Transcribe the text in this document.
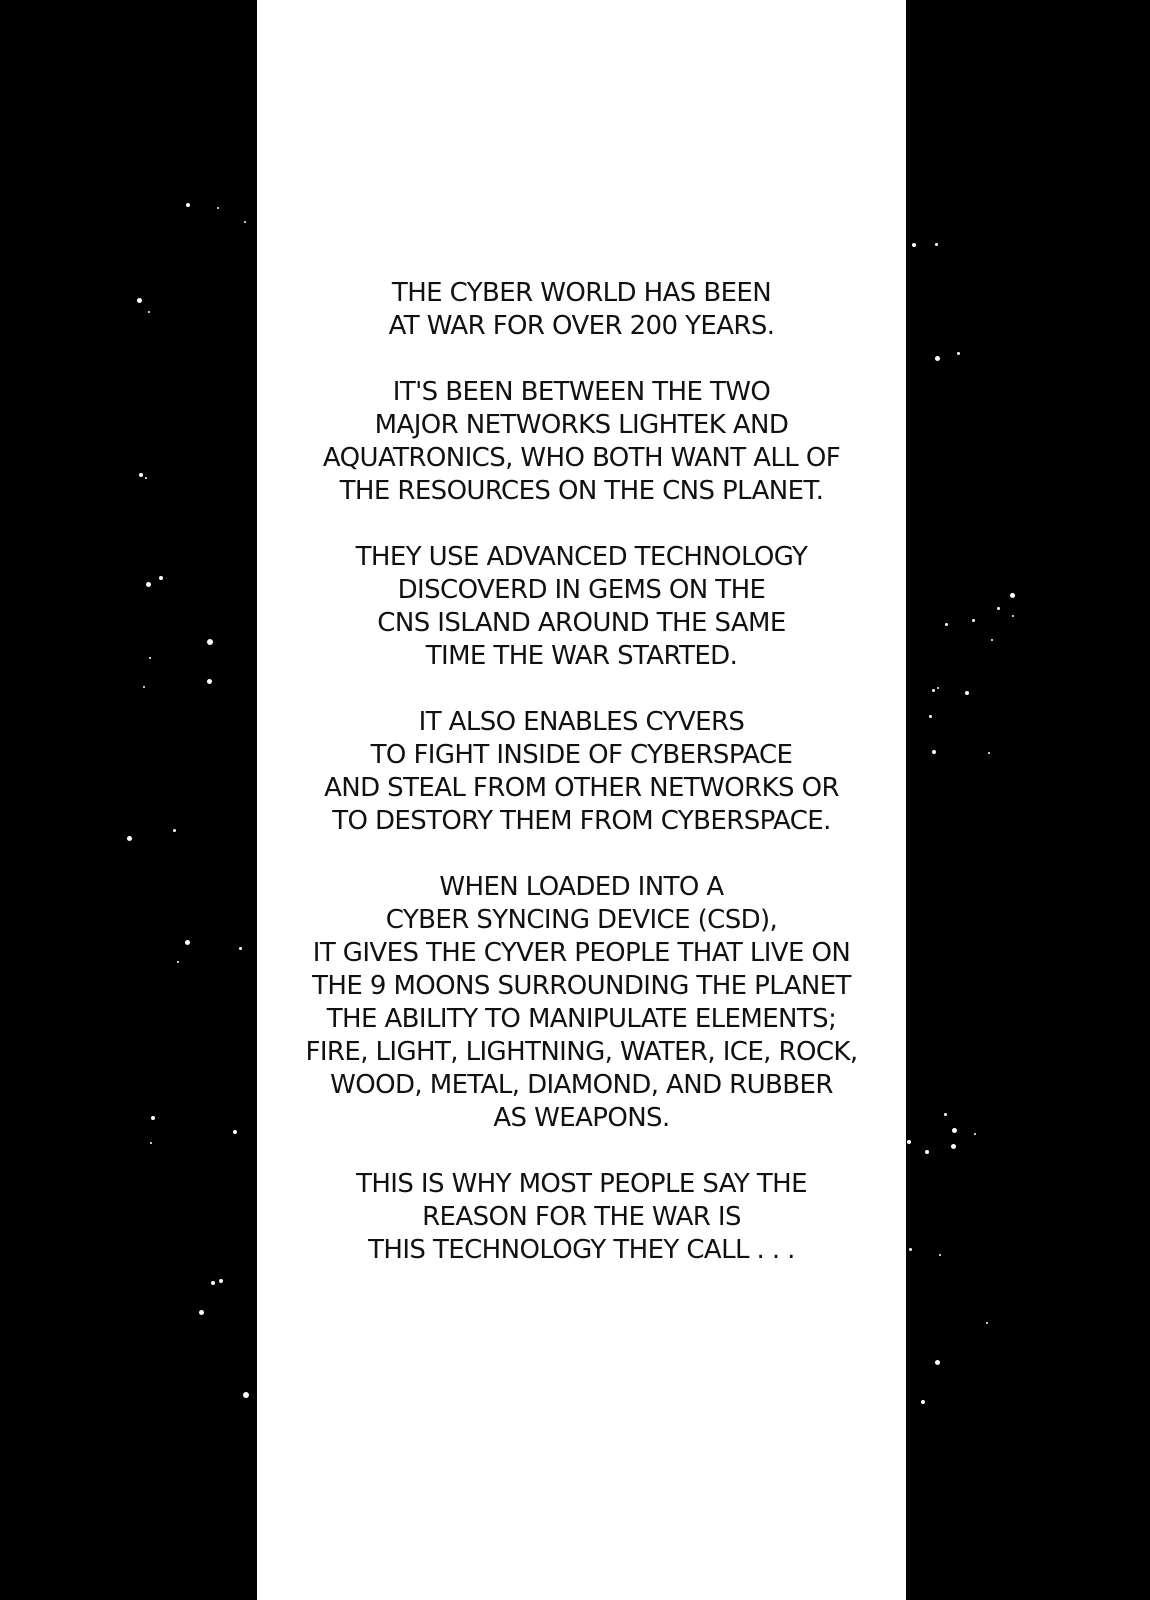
THE CYBER WORLD HAS BEEN
AT WAR FOR OVER 200 YEARS.
IT'S BEEN BETWEEN THE TWO
MAJOR NETWORKS LIGHTEK AND
AQUATRONICS, WHO BOTH WANT ALL OF
THE RESOURCES ON THE CNS PLANET.
THEY USE ADVANCED TECHNOLOGY
DISCOVERD IN GEMS ON THE
CNS ISLAND AROUND THE SAME
TIME THE WAR STARTED.
IT ALSO ENABLES CYVERS
TO FIGHT INSIDE OF CYBERSPACE
AND STEAL FROM OTHER NETWORKS OR
TO DESTORY THEM FROM CYBERSPACE.
WHEN LOADED INTO A
CYBER SYNCING DEVICE (CSD),
IT GIVES THE CYVER PEOPLE THAT LIVE ON
THE 9 MOONS SURROUNDING THE PLANET
THE ABILITY TO MANIPULATE ELEMENTS;
FIRE, LIGHT, LIGHTNING, WATER, ICE, ROCK,
WOOD, METAL, DIAMOND, AND RUBBER
AS WEAPONS.
THIS IS WHY MOST PEOPLE SAY THE
REASON FOR THE WAR IS
THIS TECHNOLOGY THEY CALL . . .
